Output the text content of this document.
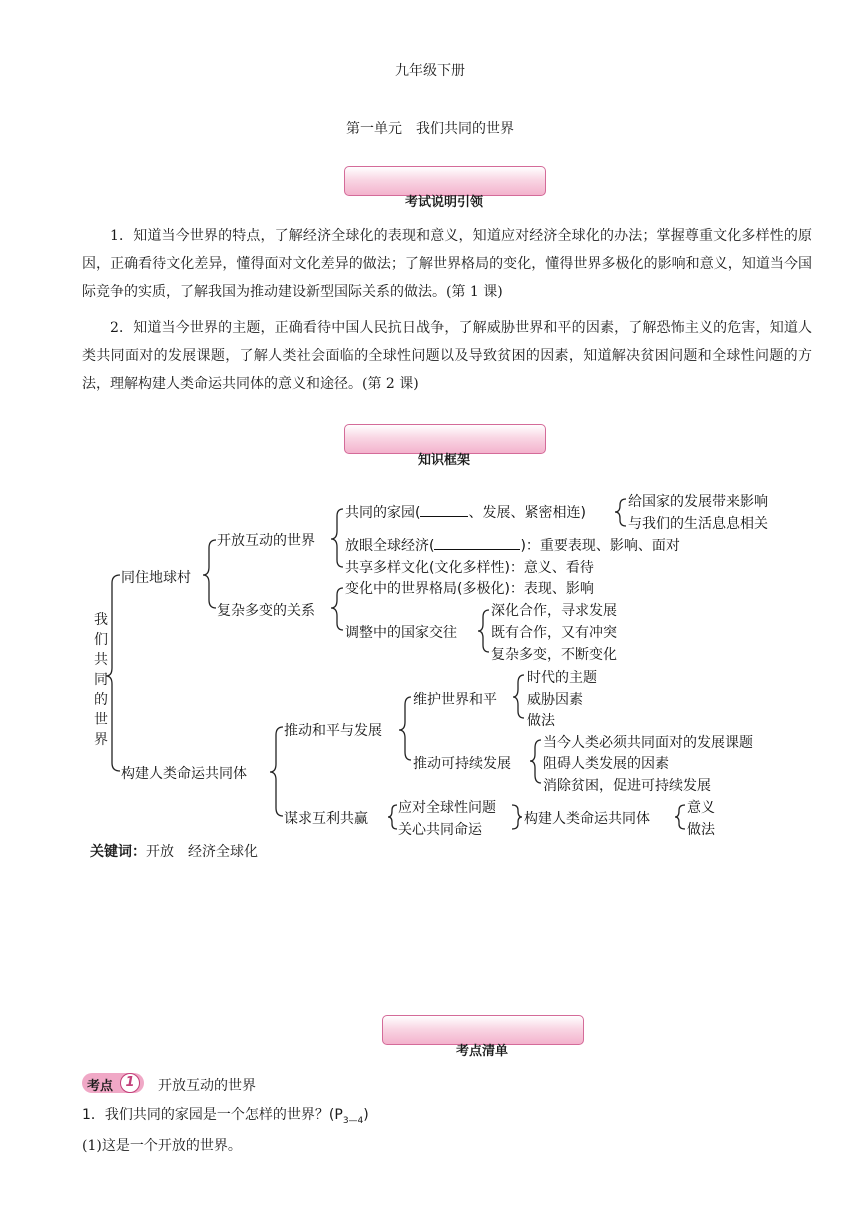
九年级下册
第一单元　我们共同的世界
考试说明引领
1．知道当今世界的特点，了解经济全球化的表现和意义，知道应对经济全球化的办法；掌握尊重文化多样性的原因，正确看待文化差异，懂得面对文化差异的做法；了解世界格局的变化，懂得世界多极化的影响和意义，知道当今国际竞争的实质，了解我国为推动建设新型国际关系的做法。(第 1 课)
2．知道当今世界的主题，正确看待中国人民抗日战争，了解威胁世界和平的因素，了解恐怖主义的危害，知道人类共同面对的发展课题，了解人类社会面临的全球性问题以及导致贫困的因素，知道解决贫困问题和全球性问题的方法，理解构建人类命运共同体的意义和途径。(第 2 课)
知识框架
我们共同的世界
同住地球村
构建人类命运共同体
开放互动的世界
复杂多变的关系
共同的家园(	、发展、紧密相连)
给国家的发展带来影响
与我们的生活息息相关
放眼全球经济(	)：重要表现、影响、面对
共享多样文化(文化多样性)：意义、看待
变化中的世界格局(多极化)：表现、影响
调整中的国家交往
深化合作，寻求发展
既有合作，又有冲突
复杂多变，不断变化
推动和平与发展
谋求互利共赢
维护世界和平
时代的主题
威胁因素
做法
推动可持续发展
当今人类必须共同面对的发展课题
阻碍人类发展的因素
消除贫困，促进可持续发展
应对全球性问题
关心共同命运
构建人类命运共同体
意义
做法
关键词：开放　经济全球化
考点清单
考点 1	开放互动的世界
1．我们共同的家园是一个怎样的世界？$(P_{3—4})$
(1)这是一个开放的世界。
